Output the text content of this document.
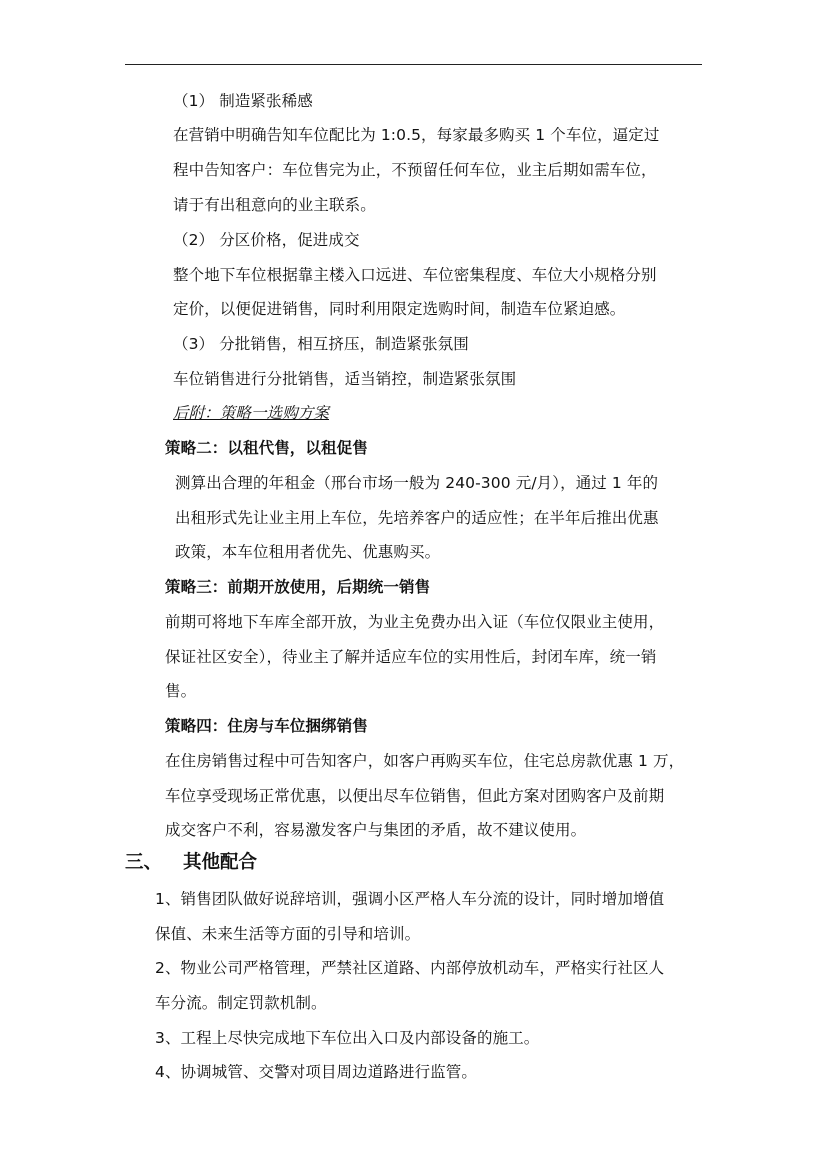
（1） 制造紧张稀感
在营销中明确告知车位配比为 1:0.5，每家最多购买 1 个车位，逼定过
程中告知客户：车位售完为止，不预留任何车位，业主后期如需车位，
请于有出租意向的业主联系。
（2） 分区价格，促进成交
整个地下车位根据靠主楼入口远进、车位密集程度、车位大小规格分别
定价，以便促进销售，同时利用限定选购时间，制造车位紧迫感。
（3） 分批销售，相互挤压，制造紧张氛围
车位销售进行分批销售，适当销控，制造紧张氛围
后附：策略一选购方案
策略二：以租代售，以租促售
测算出合理的年租金（邢台市场一般为 240-300 元/月），通过 1 年的
出租形式先让业主用上车位，先培养客户的适应性；在半年后推出优惠
政策，本车位租用者优先、优惠购买。
策略三：前期开放使用，后期统一销售
前期可将地下车库全部开放，为业主免费办出入证（车位仅限业主使用，
保证社区安全），待业主了解并适应车位的实用性后，封闭车库，统一销
售。
策略四：住房与车位捆绑销售
在住房销售过程中可告知客户，如客户再购买车位，住宅总房款优惠 1 万，
车位享受现场正常优惠，以便出尽车位销售，但此方案对团购客户及前期
成交客户不利，容易激发客户与集团的矛盾，故不建议使用。
三、 其他配合
1、销售团队做好说辞培训，强调小区严格人车分流的设计，同时增加增值
保值、未来生活等方面的引导和培训。
2、物业公司严格管理，严禁社区道路、内部停放机动车，严格实行社区人
车分流。制定罚款机制。
3、工程上尽快完成地下车位出入口及内部设备的施工。
4、协调城管、交警对项目周边道路进行监管。
